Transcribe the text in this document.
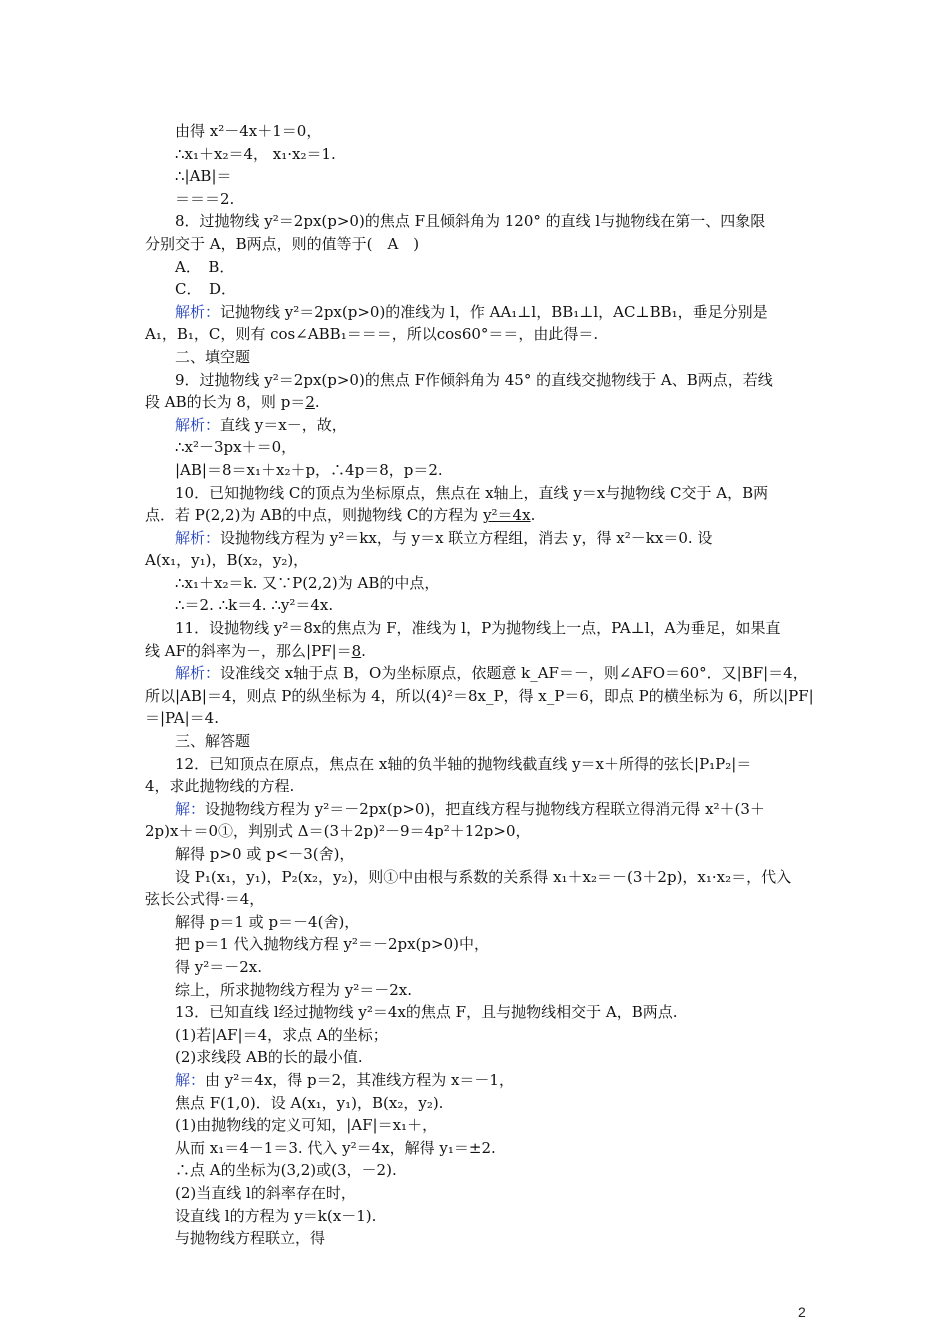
由得 x²－4x＋1＝0，
∴x₁＋x₂＝4， x₁·x₂＝1.
∴|AB|＝
＝＝＝2.
8．过抛物线 y²＝2px(p>0)的焦点 F且倾斜角为 120° 的直线 l与抛物线在第一、四象限
分别交于 A，B两点，则的值等于(　A　)
A．　B．
C．　D．
解析：记抛物线 y²＝2px(p>0)的准线为 l，作 AA₁⊥l，BB₁⊥l，AC⊥BB₁，垂足分别是
A₁，B₁，C，则有 cos∠ABB₁＝＝＝，所以cos60°＝＝，由此得＝.
二、填空题
9．过抛物线 y²＝2px(p>0)的焦点 F作倾斜角为 45° 的直线交抛物线于 A、B两点，若线
段 AB的长为 8，则 p＝2.
解析：直线 y＝x－，故，
∴x²－3px＋＝0，
|AB|＝8＝x₁＋x₂＋p，∴4p＝8，p＝2.
10．已知抛物线 C的顶点为坐标原点，焦点在 x轴上，直线 y＝x与抛物线 C交于 A，B两
点．若 P(2,2)为 AB的中点，则抛物线 C的方程为 y²＝4x.
解析：设抛物线方程为 y²＝kx，与 y＝x 联立方程组，消去 y，得 x²－kx＝0. 设
A(x₁，y₁)，B(x₂，y₂)，
∴x₁＋x₂＝k. 又∵P(2,2)为 AB的中点，
∴＝2. ∴k＝4. ∴y²＝4x.
11．设抛物线 y²＝8x的焦点为 F，准线为 l，P为抛物线上一点，PA⊥l，A为垂足，如果直
线 AF的斜率为－，那么|PF|＝8.
解析：设准线交 x轴于点 B，O为坐标原点，依题意 k_AF＝－，则∠AFO＝60°．又|BF|＝4，
所以|AB|＝4，则点 P的纵坐标为 4，所以(4)²＝8x_P，得 x_P＝6，即点 P的横坐标为 6，所以|PF|
＝|PA|＝4.
三、解答题
12．已知顶点在原点，焦点在 x轴的负半轴的抛物线截直线 y＝x＋所得的弦长|P₁P₂|＝
4，求此抛物线的方程.
解：设抛物线方程为 y²＝－2px(p>0)，把直线方程与抛物线方程联立得消元得 x²＋(3＋
2p)x＋＝0①，判别式 Δ＝(3＋2p)²－9＝4p²＋12p>0，
解得 p>0 或 p<－3(舍)，
设 P₁(x₁，y₁)，P₂(x₂，y₂)，则①中由根与系数的关系得 x₁＋x₂＝－(3＋2p)，x₁·x₂＝，代入
弦长公式得·＝4，
解得 p＝1 或 p＝－4(舍)，
把 p＝1 代入抛物线方程 y²＝－2px(p>0)中，
得 y²＝－2x.
综上，所求抛物线方程为 y²＝－2x.
13．已知直线 l经过抛物线 y²＝4x的焦点 F，且与抛物线相交于 A，B两点.
(1)若|AF|＝4，求点 A的坐标；
(2)求线段 AB的长的最小值.
解：由 y²＝4x，得 p＝2，其准线方程为 x＝－1，
焦点 F(1,0)．设 A(x₁，y₁)，B(x₂，y₂).
(1)由抛物线的定义可知，|AF|＝x₁＋，
从而 x₁＝4－1＝3. 代入 y²＝4x，解得 y₁＝±2.
∴点 A的坐标为(3,2)或(3，－2).
(2)当直线 l的斜率存在时，
设直线 l的方程为 y＝k(x－1).
与抛物线方程联立，得
2
